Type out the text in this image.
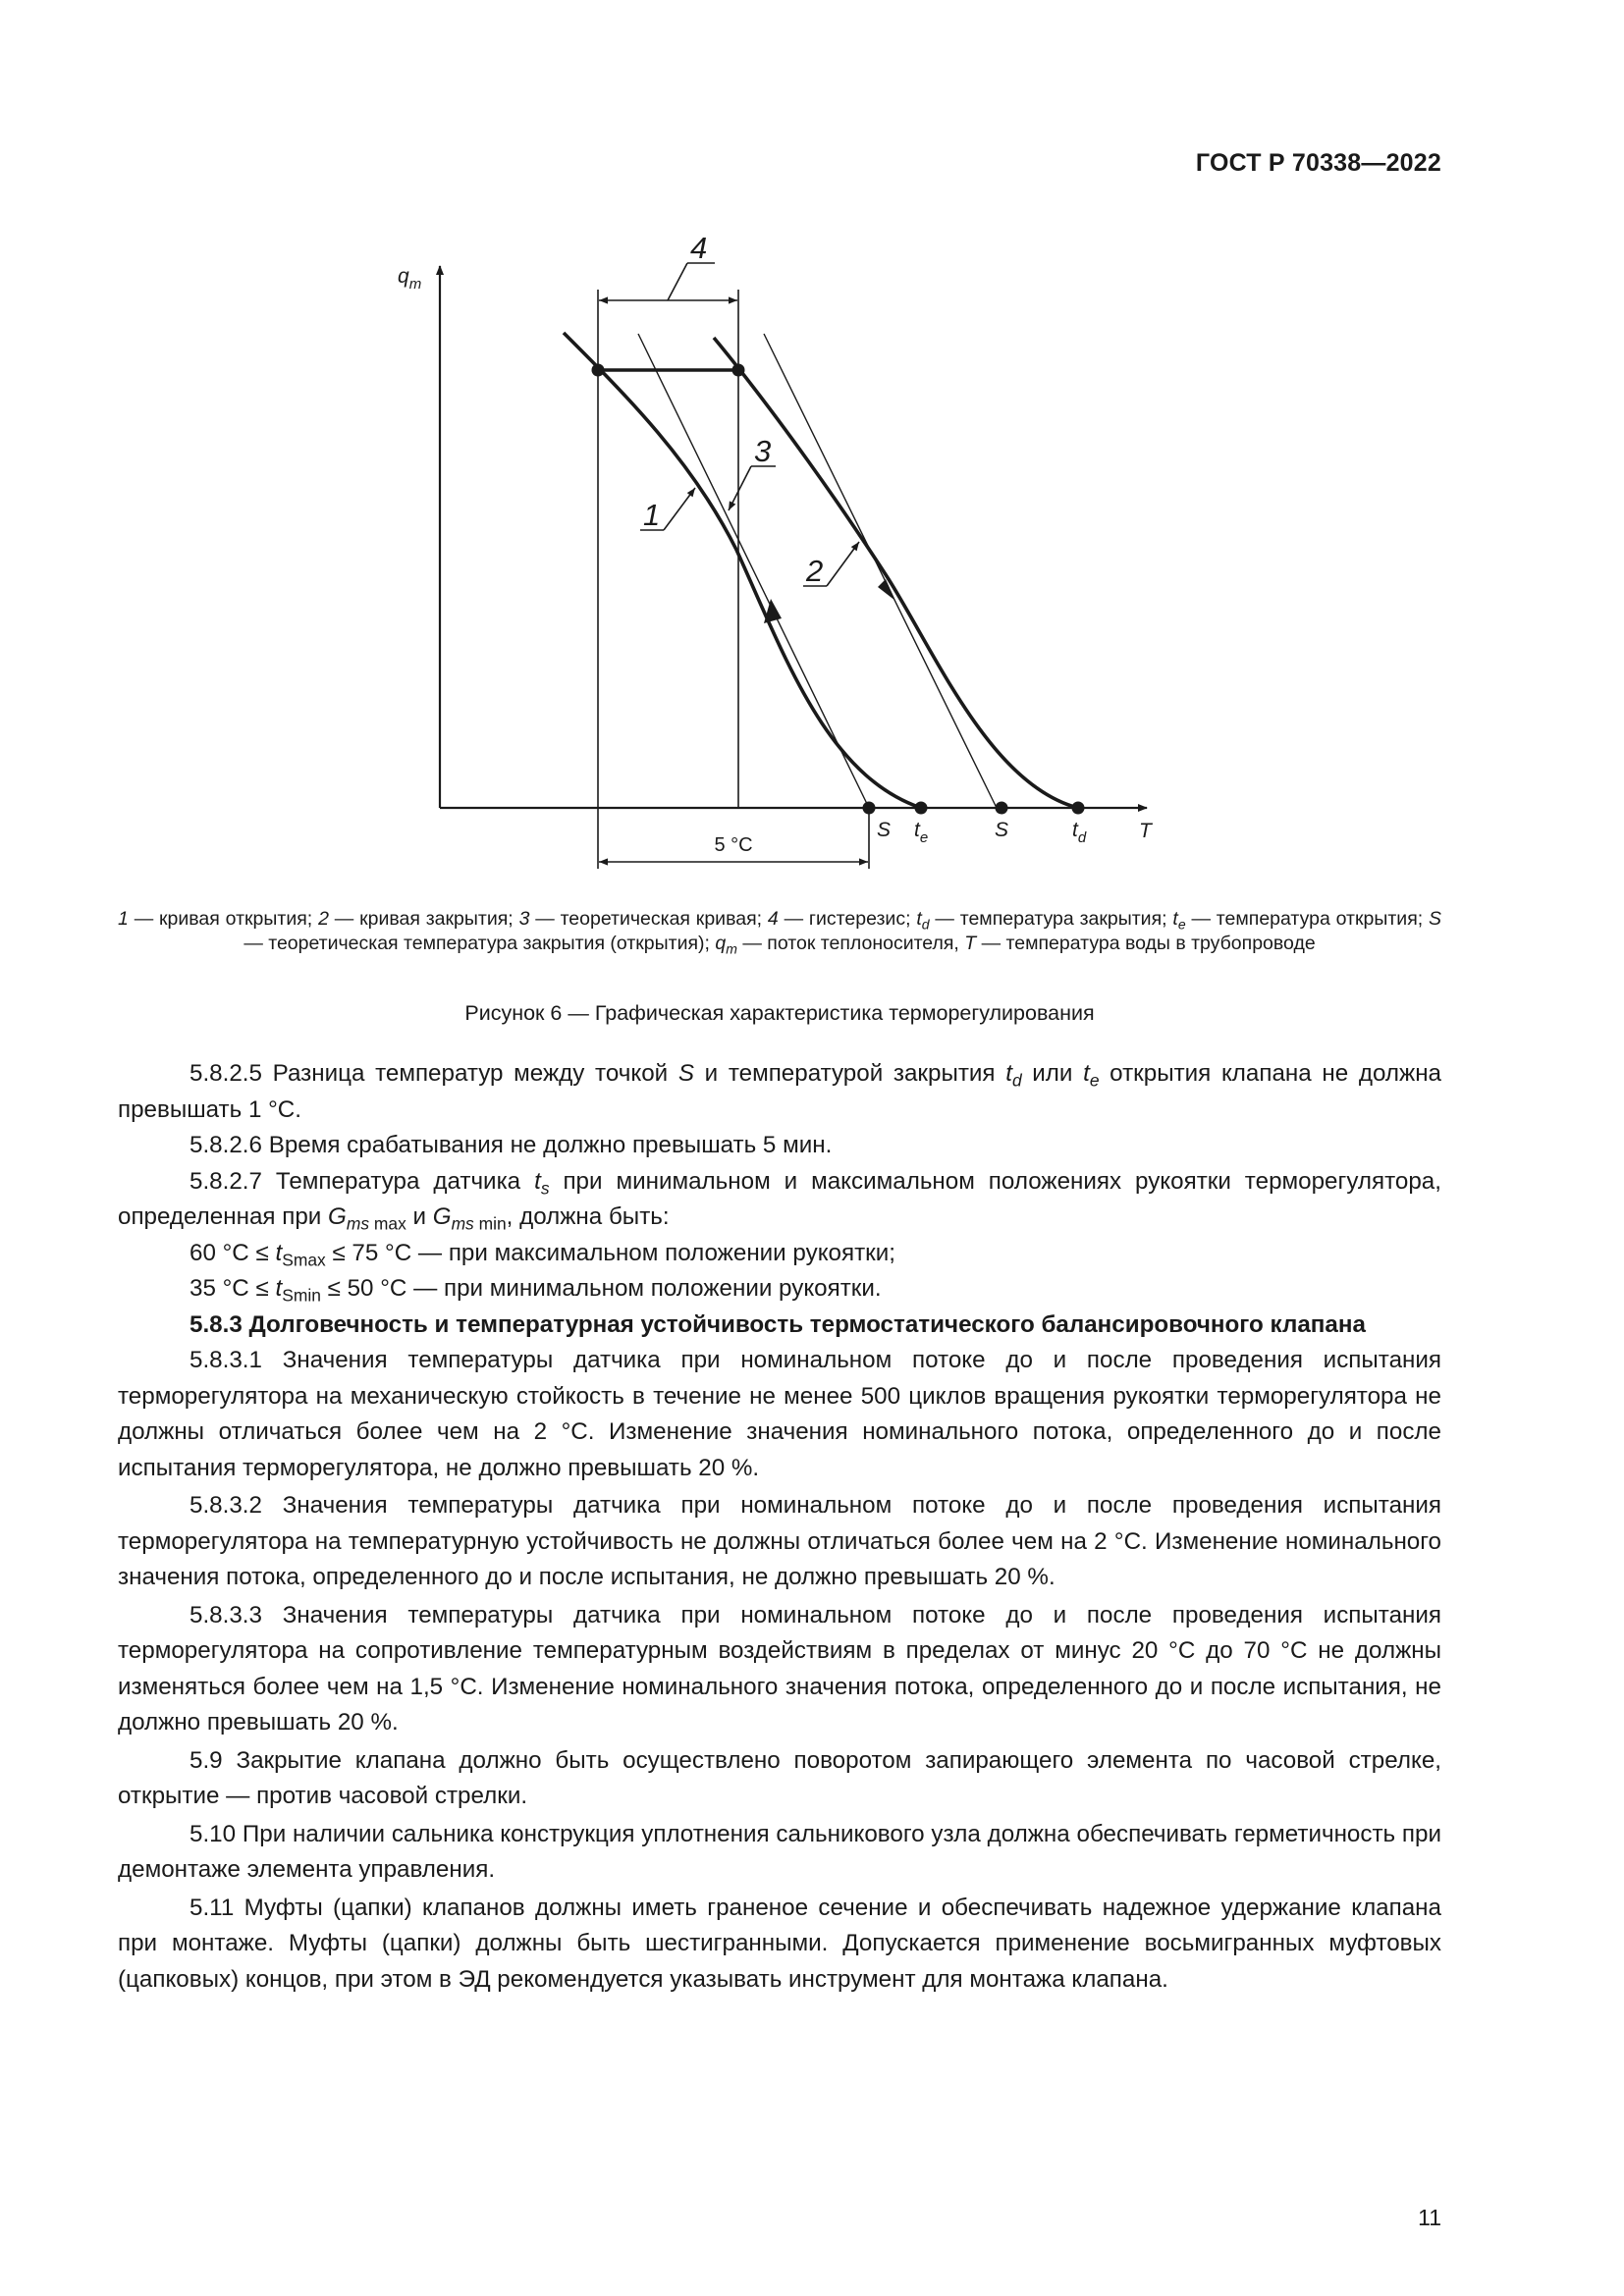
ГОСТ Р 70338—2022
$q_m$
T
4
3
1
2
S $t_e$	S	$t_d$
5 °C
1 — кривая открытия; 2 — кривая закрытия; 3 — теоретическая кривая; 4 — гистерезис; $t_d$ — температура закрытия; $t_e$ — температура открытия; S — теоретическая температура закрытия (открытия); $q_m$ — поток теплоносителя, T — температура воды в трубопроводе
Рисунок 6 — Графическая характеристика терморегулирования

5.8.2.5 Разница температур между точкой S и температурой закрытия $t_d$ или $t_e$ открытия клапана не должна превышать 1 °C.

5.8.2.6 Время срабатывания не должно превышать 5 мин.

5.8.2.7 Температура датчика $t_s$ при минимальном и максимальном положениях рукоятки терморегулятора, определенная при $G_{ms max}$ и $G_{ms min}$, должна быть:

60 $^\circ C \le t_{Smax} \le 75$ °C — при максимальном положении рукоятки;

35 $^\circ C \le t_{Smin} \le 50$ °C — при минимальном положении рукоятки.

5.8.3 Долговечность и температурная устойчивость термостатического балансировочного клапана

5.8.3.1 Значения температуры датчика при номинальном потоке до и после проведения испытания терморегулятора на механическую стойкость в течение не менее 500 циклов вращения рукоятки терморегулятора не должны отличаться более чем на 2 °C. Изменение значения номинального потока, определенного до и после испытания терморегулятора, не должно превышать 20 %.

5.8.3.2 Значения температуры датчика при номинальном потоке до и после проведения испытания терморегулятора на температурную устойчивость не должны отличаться более чем на 2 °C. Изменение номинального значения потока, определенного до и после испытания, не должно превышать 20 %.

5.8.3.3 Значения температуры датчика при номинальном потоке до и после проведения испытания терморегулятора на сопротивление температурным воздействиям в пределах от минус 20 °C до 70 °C не должны изменяться более чем на 1,5 °C. Изменение номинального значения потока, определенного до и после испытания, не должно превышать 20 %.

5.9 Закрытие клапана должно быть осуществлено поворотом запирающего элемента по часовой стрелке, открытие — против часовой стрелки.

5.10 При наличии сальника конструкция уплотнения сальникового узла должна обеспечивать герметичность при демонтаже элемента управления.

5.11 Муфты (цапки) клапанов должны иметь граненое сечение и обеспечивать надежное удержание клапана при монтаже. Муфты (цапки) должны быть шестигранными. Допускается применение восьмигранных муфтовых (цапковых) концов, при этом в ЭД рекомендуется указывать инструмент для монтажа клапана.

11
